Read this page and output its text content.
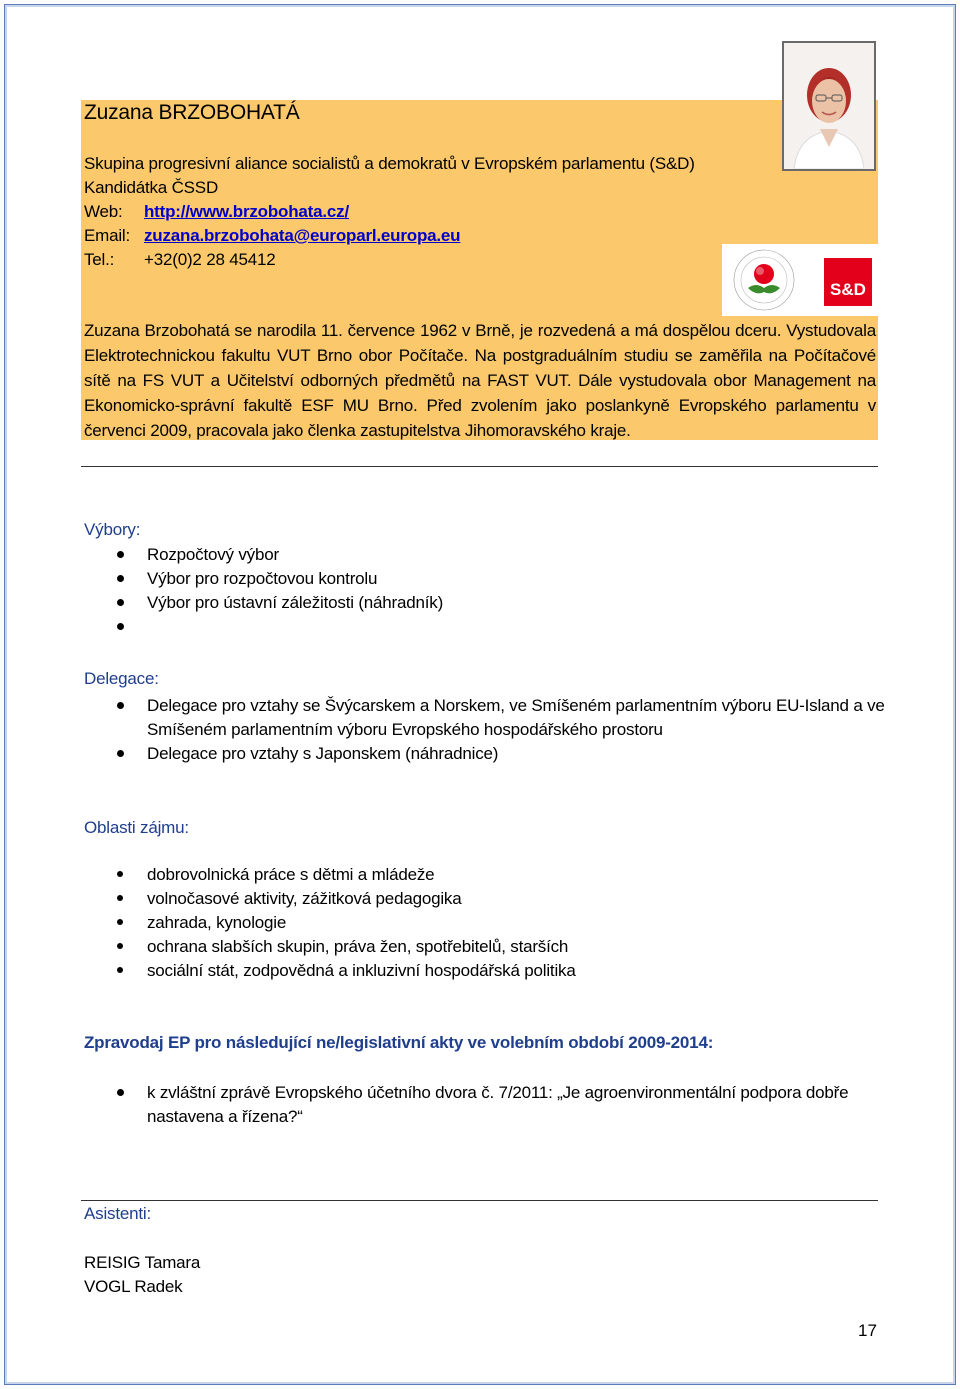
S&D
Zuzana BRZOBOHATÁ
Skupina progresivní aliance socialistů a demokratů v Evropském parlamentu (S&D)
Kandidátka ČSSD
Web: http://www.brzobohata.cz/
Email: zuzana.brzobohata@europarl.europa.eu
Tel.: +32(0)2 28 45412
Zuzana Brzobohatá se narodila 11. července 1962 v Brně, je rozvedená a má dospělou dceru. Vystudovala Elektrotechnickou fakultu VUT Brno obor Počítače. Na postgraduálním studiu se zaměřila na Počítačové sítě na FS VUT a Učitelství odborných předmětů na FAST VUT. Dále vystudovala obor Management na Ekonomicko-správní fakultě ESF MU Brno. Před zvolením jako poslankyně Evropského parlamentu v červenci 2009, pracovala jako členka zastupitelstva Jihomoravského kraje.
Výbory:
Rozpočtový výbor
Výbor pro rozpočtovou kontrolu
Výbor pro ústavní záležitosti (náhradník)
Delegace:
Delegace pro vztahy se Švýcarskem a Norskem, ve Smíšeném parlamentním výboru EU-Island a ve Smíšeném parlamentním výboru Evropského hospodářského prostoru
Delegace pro vztahy s Japonskem (náhradnice)
Oblasti zájmu:
dobrovolnická práce s dětmi a mládeže
volnočasové aktivity, zážitková pedagogika
zahrada, kynologie
ochrana slabších skupin, práva žen, spotřebitelů, starších
sociální stát, zodpovědná a inkluzivní hospodářská politika
Zpravodaj EP pro následující ne/legislativní akty ve volebním období 2009-2014:
k zvláštní zprávě Evropského účetního dvora č. 7/2011: „Je agroenvironmentální podpora dobře nastavena a řízena?“
Asistenti:
REISIG Tamara
VOGL Radek
17
